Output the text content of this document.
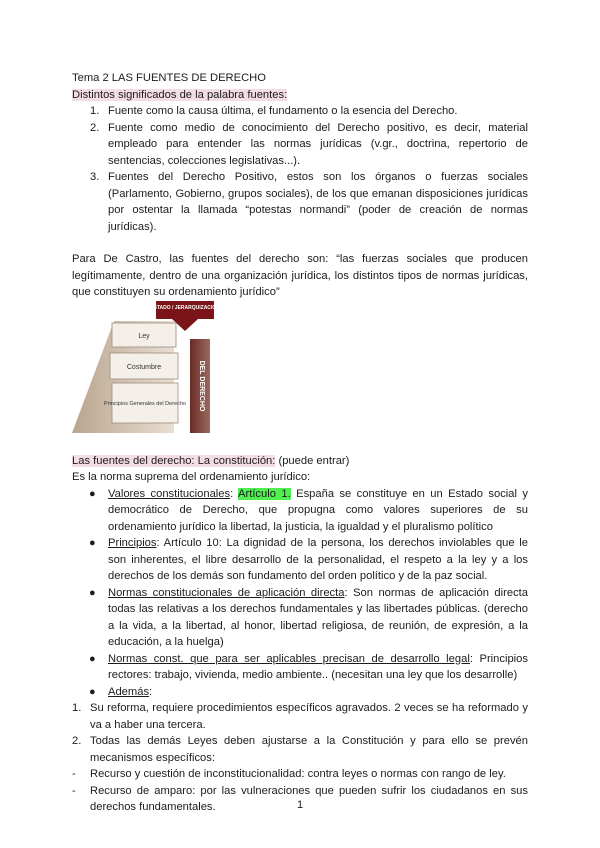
Tema 2 LAS FUENTES DE DERECHO

Distintos significados de la palabra fuentes:

1. Fuente como la causa última, el fundamento o la esencia del Derecho.
2. Fuente como medio de conocimiento del Derecho positivo, es decir, material empleado para entender las normas jurídicas (v.gr., doctrina, repertorio de sentencias, colecciones legislativas...).
3. Fuentes del Derecho Positivo, estos son los órganos o fuerzas sociales (Parlamento, Gobierno, grupos sociales), de los que emanan disposiciones jurídicas por ostentar la llamada “potestas normandi” (poder de creación de normas jurídicas).

Para De Castro, las fuentes del derecho son: “las fuerzas sociales que producen legítimamente, dentro de una organización jurídica, los distintos tipos de normas jurídicas, que constituyen su ordenamiento jurídico”

ESTADO / JERARQUIZACIÓN
Ley
Costumbre
Principios Generales del Derecho DEL DERECHO

Las fuentes del derecho: La constitución: (puede entrar)

Es la norma suprema del ordenamiento jurídico:

● Valores constitucionales: Artículo 1. España se constituye en un Estado social y democrático de Derecho, que propugna como valores superiores de su ordenamiento jurídico la libertad, la justicia, la igualdad y el pluralismo político
● Principios: Artículo 10: La dignidad de la persona, los derechos inviolables que le son inherentes, el libre desarrollo de la personalidad, el respeto a la ley y a los derechos de los demás son fundamento del orden político y de la paz social.
● Normas constitucionales de aplicación directa: Son normas de aplicación directa todas las relativas a los derechos fundamentales y las libertades públicas. (derecho a la vida, a la libertad, al honor, libertad religiosa, de reunión, de expresión, a la educación, a la huelga)
● Normas const. que para ser aplicables precisan de desarrollo legal: Principios rectores: trabajo, vivienda, medio ambiente.. (necesitan una ley que los desarrolle)
● Además:
1. Su reforma, requiere procedimientos específicos agravados. 2 veces se ha reformado y va a haber una tercera.
2. Todas las demás Leyes deben ajustarse a la Constitución y para ello se prevén mecanismos específicos:
- Recurso y cuestión de inconstitucionalidad: contra leyes o normas con rango de ley.
- Recurso de amparo: por las vulneraciones que pueden sufrir los ciudadanos en sus derechos fundamentales.	1
